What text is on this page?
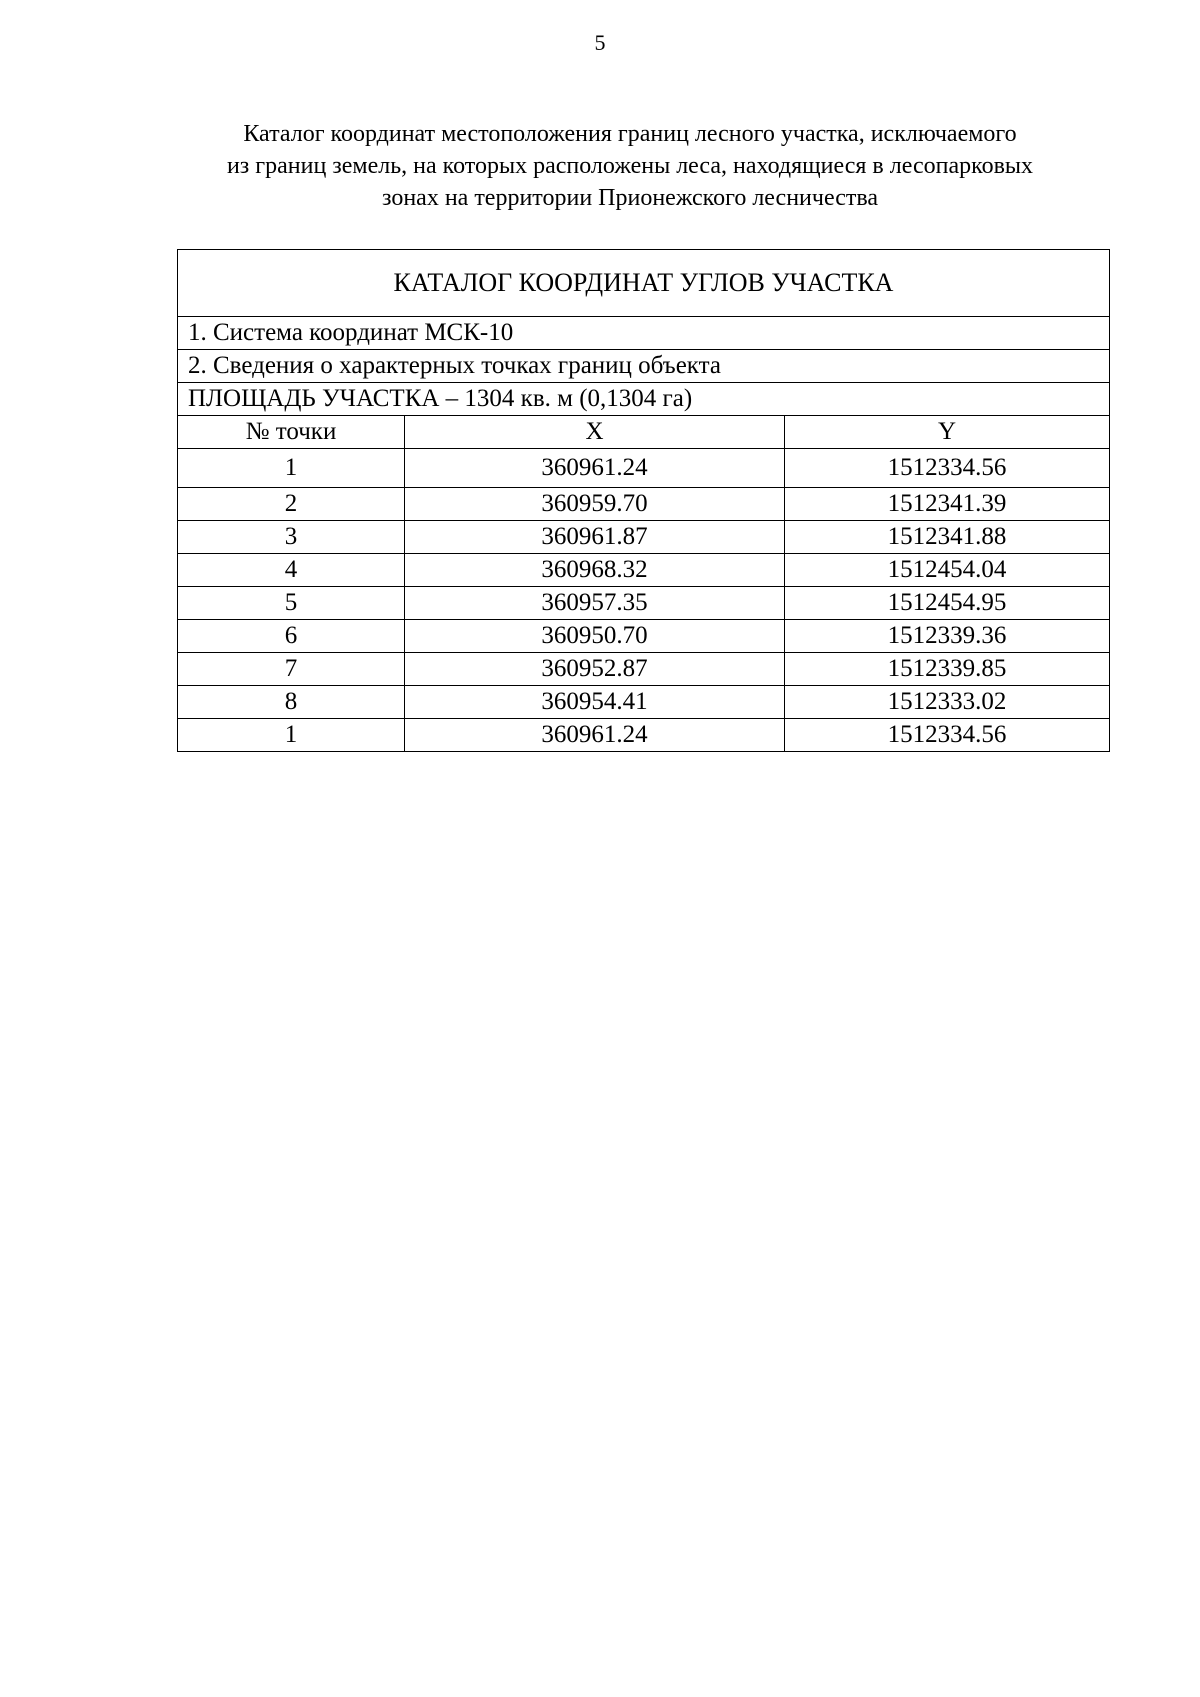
5
Каталог координат местоположения границ лесного участка, исключаемого
из границ земель, на которых расположены леса, находящиеся в лесопарковых
зонах на территории Прионежского лесничества
КАТАЛОГ КООРДИНАТ УГЛОВ УЧАСТКА		
1. Система координат МСК-10		
2. Сведения о характерных точках границ объекта		
ПЛОЩАДЬ УЧАСТКА – 1304 кв. м (0,1304 га)		
№ точки	X	Y
1	360961.24	1512334.56
2	360959.70	1512341.39
3	360961.87	1512341.88
4	360968.32	1512454.04
5	360957.35	1512454.95
6	360950.70	1512339.36
7	360952.87	1512339.85
8	360954.41	1512333.02
1	360961.24	1512334.56
